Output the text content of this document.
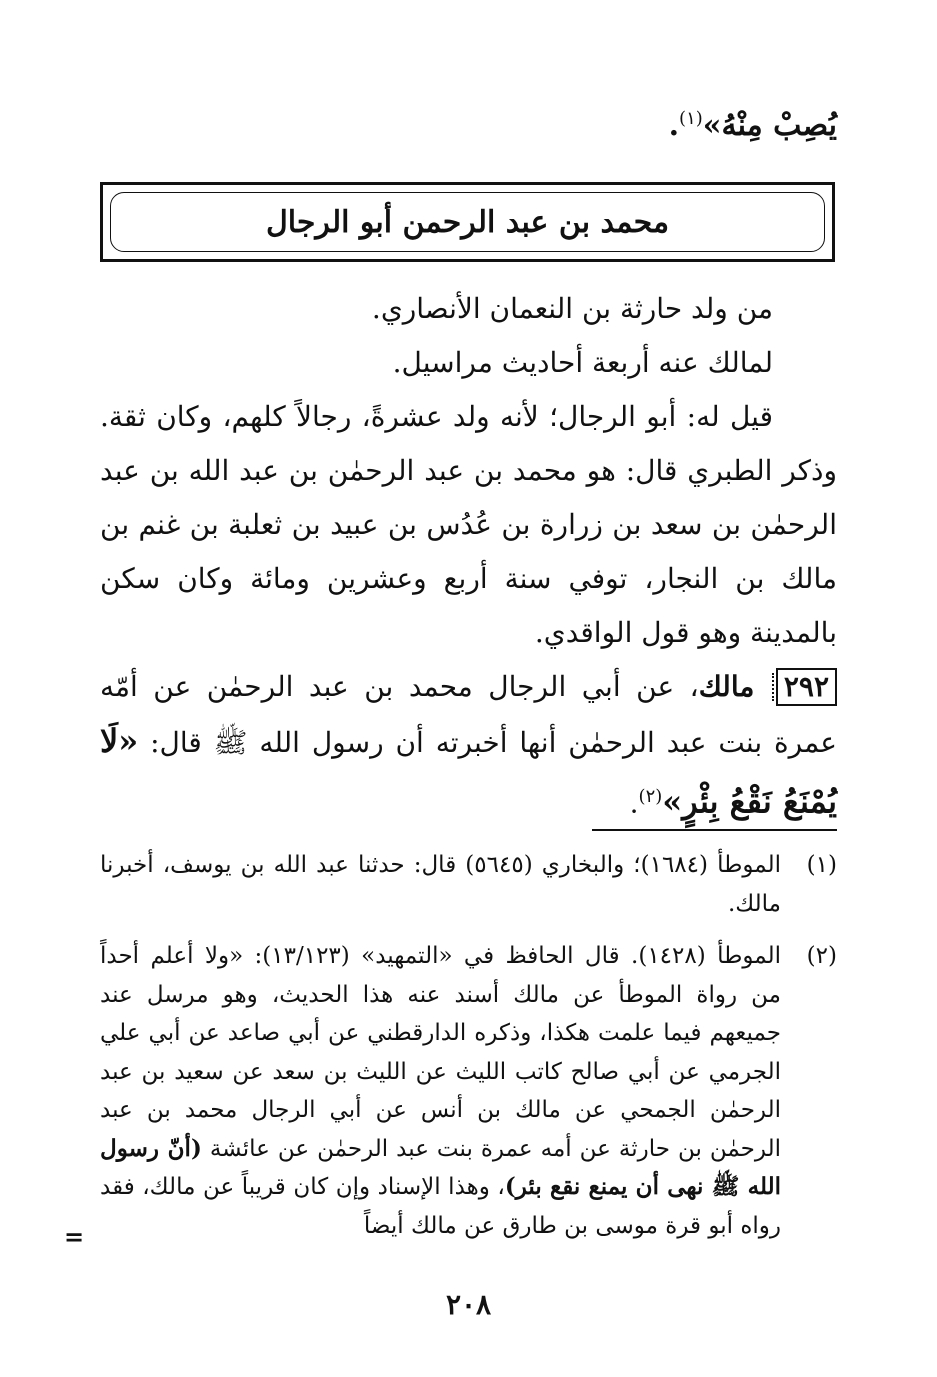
يُصِبْ مِنْهُ»$^{(١)}$.
محمد بن عبد الرحمن أبو الرجال

من ولد حارثة بن النعمان الأنصاري.

لمالك عنه أربعة أحاديث مراسيل.

قيل له: أبو الرجال؛ لأنه ولد عشرةً، رجالاً كلهم، وكان ثقة. وذكر الطبري قال: هو محمد بن عبد الرحمٰن بن عبد الله بن عبد الرحمٰن بن سعد بن زرارة بن عُدُس بن عبيد بن ثعلبة بن غنم بن مالك بن النجار، توفي سنة أربع وعشرين ومائة وكان سكن بالمدينة وهو قول الواقدي.

٢٩٢ مالك، عن أبي الرجال محمد بن عبد الرحمٰن عن أمّه عمرة بنت عبد الرحمٰن أنها أخبرته أن رسول الله ﷺ قال: «لَا يُمْنَعُ نَقْعُ بِئْرٍ»$^{(٢)}$.

(١)
الموطأ (١٦٨٤)؛ والبخاري (٥٦٤٥) قال: حدثنا عبد الله بن يوسف، أخبرنا مالك.
(٢)
الموطأ (١٤٢٨). قال الحافظ في «التمهيد» (١٣/١٢٣): «ولا أعلم أحداً من رواة الموطأ عن مالك أسند عنه هذا الحديث، وهو مرسل عند جميعهم فيما علمت هكذا، وذكره الدارقطني عن أبي صاعد عن أبي علي الجرمي عن أبي صالح كاتب الليث عن الليث بن سعد عن سعيد بن عبد الرحمٰن الجمحي عن مالك بن أنس عن أبي الرجال محمد بن عبد الرحمٰن بن حارثة عن أمه عمرة بنت عبد الرحمٰن عن عائشة (أنّ رسول الله ﷺ نهى أن يمنع نقع بئر)، وهذا الإسناد وإن كان قريباً عن مالك، فقد رواه أبو قرة موسى بن طارق عن مالك أيضاً
=
٢٠٨
